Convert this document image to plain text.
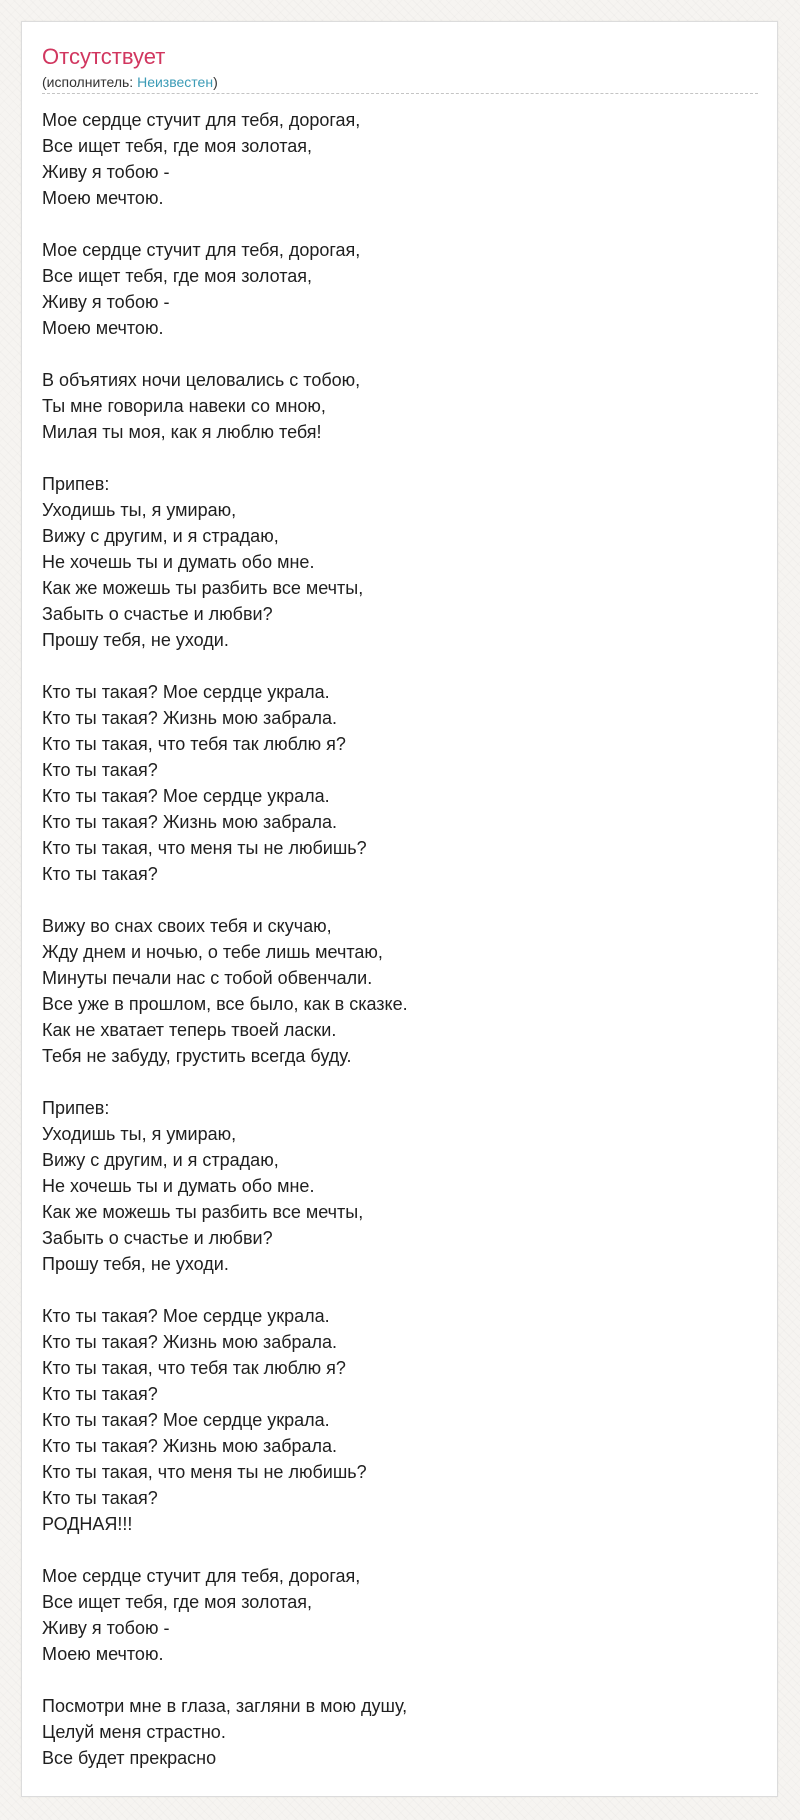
Отсутствует
(исполнитель: Неизвестен)
Мое сердце стучит для тебя, дорогая,
Все ищет тебя, где моя золотая,
Живу я тобою -
Моею мечтою.
Мое сердце стучит для тебя, дорогая,
Все ищет тебя, где моя золотая,
Живу я тобою -
Моею мечтою.
В объятиях ночи целовались с тобою,
Ты мне говорила навеки со мною,
Милая ты моя, как я люблю тебя!
Припев:
Уходишь ты, я умираю,
Вижу с другим, и я страдаю,
Не хочешь ты и думать обо мне.
Как же можешь ты разбить все мечты,
Забыть о счастье и любви?
Прошу тебя, не уходи.
Кто ты такая? Мое сердце украла.
Кто ты такая? Жизнь мою забрала.
Кто ты такая, что тебя так люблю я?
Кто ты такая?
Кто ты такая? Мое сердце украла.
Кто ты такая? Жизнь мою забрала.
Кто ты такая, что меня ты не любишь?
Кто ты такая?
Вижу во снах своих тебя и скучаю,
Жду днем и ночью, о тебе лишь мечтаю,
Минуты печали нас с тобой обвенчали.
Все уже в прошлом, все было, как в сказке.
Как не хватает теперь твоей ласки.
Тебя не забуду, грустить всегда буду.
Припев:
Уходишь ты, я умираю,
Вижу с другим, и я страдаю,
Не хочешь ты и думать обо мне.
Как же можешь ты разбить все мечты,
Забыть о счастье и любви?
Прошу тебя, не уходи.
Кто ты такая? Мое сердце украла.
Кто ты такая? Жизнь мою забрала.
Кто ты такая, что тебя так люблю я?
Кто ты такая?
Кто ты такая? Мое сердце украла.
Кто ты такая? Жизнь мою забрала.
Кто ты такая, что меня ты не любишь?
Кто ты такая?
РОДНАЯ!!!
Мое сердце стучит для тебя, дорогая,
Все ищет тебя, где моя золотая,
Живу я тобою -
Моею мечтою.
Посмотри мне в глаза, загляни в мою душу,
Целуй меня страстно.
Все будет прекрасно
